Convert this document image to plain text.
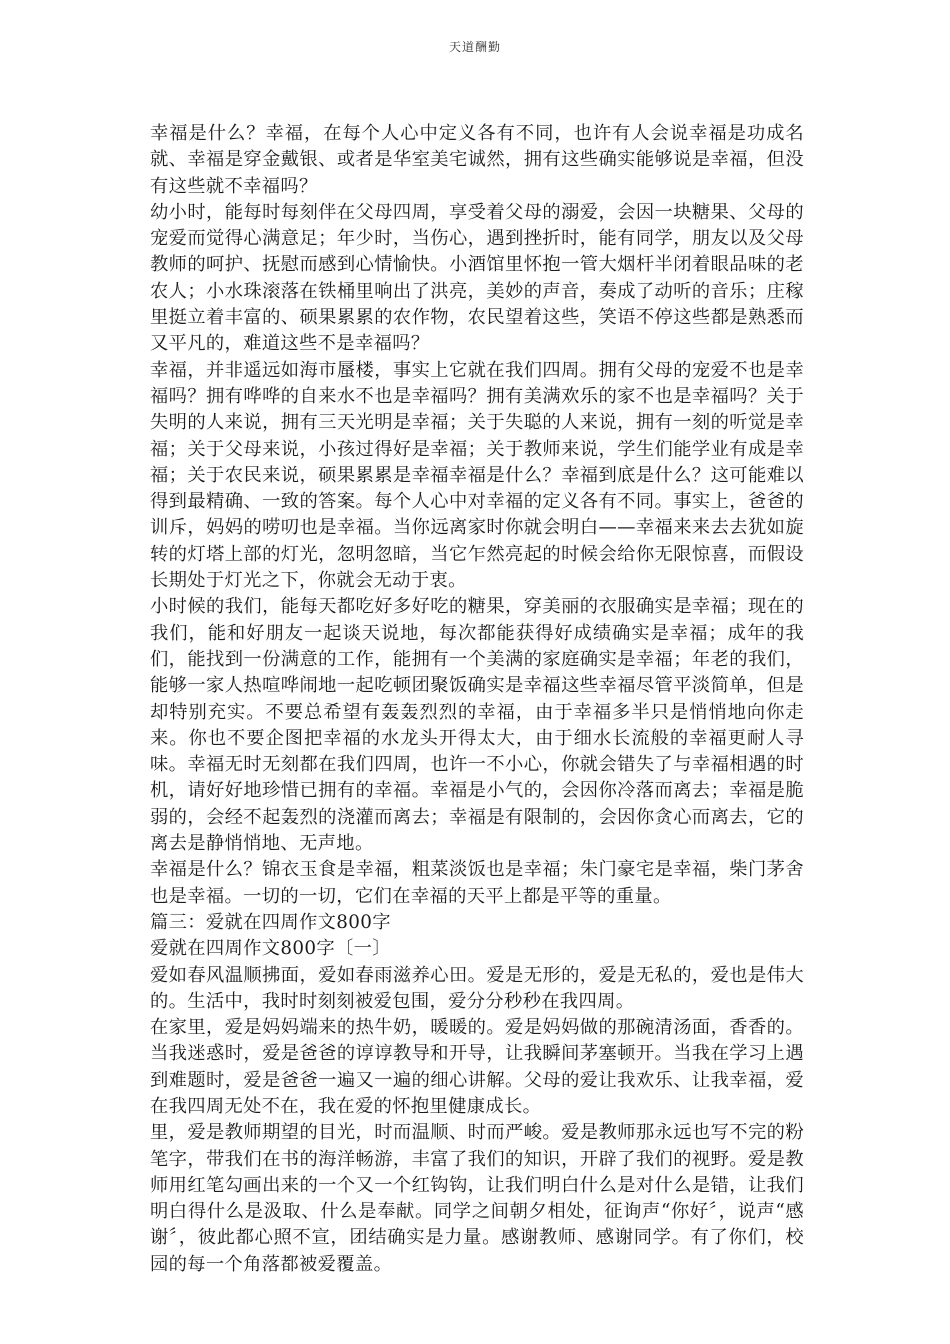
天道酬勤

幸福是什么？幸福，在每个人心中定义各有不同，也许有人会说幸福是功成名就、幸福是穿金戴银、或者是华室美宅诚然，拥有这些确实能够说是幸福，但没有这些就不幸福吗？

幼小时，能每时每刻伴在父母四周，享受着父母的溺爱，会因一块糖果、父母的宠爱而觉得心满意足；年少时，当伤心，遇到挫折时，能有同学，朋友以及父母教师的呵护、抚慰而感到心情愉快。小酒馆里怀抱一管大烟杆半闭着眼品味的老农人；小水珠滚落在铁桶里响出了洪亮，美妙的声音，奏成了动听的音乐；庄稼里挺立着丰富的、硕果累累的农作物，农民望着这些，笑语不停这些都是熟悉而又平凡的，难道这些不是幸福吗？

幸福，并非遥远如海市蜃楼，事实上它就在我们四周。拥有父母的宠爱不也是幸福吗？拥有哗哗的自来水不也是幸福吗？拥有美满欢乐的家不也是幸福吗？关于失明的人来说，拥有三天光明是幸福；关于失聪的人来说，拥有一刻的听觉是幸福；关于父母来说，小孩过得好是幸福；关于教师来说，学生们能学业有成是幸福；关于农民来说，硕果累累是幸福幸福是什么？幸福到底是什么？这可能难以得到最精确、一致的答案。每个人心中对幸福的定义各有不同。事实上，爸爸的训斥，妈妈的唠叨也是幸福。当你远离家时你就会明白——幸福来来去去犹如旋转的灯塔上部的灯光，忽明忽暗，当它乍然亮起的时候会给你无限惊喜，而假设长期处于灯光之下，你就会无动于衷。

小时候的我们，能每天都吃好多好吃的糖果，穿美丽的衣服确实是幸福；现在的我们，能和好朋友一起谈天说地，每次都能获得好成绩确实是幸福；成年的我们，能找到一份满意的工作，能拥有一个美满的家庭确实是幸福；年老的我们，能够一家人热喧哗闹地一起吃顿团聚饭确实是幸福这些幸福尽管平淡简单，但是却特别充实。不要总希望有轰轰烈烈的幸福，由于幸福多半只是悄悄地向你走来。你也不要企图把幸福的水龙头开得太大，由于细水长流般的幸福更耐人寻味。幸福无时无刻都在我们四周，也许一不小心，你就会错失了与幸福相遇的时机，请好好地珍惜已拥有的幸福。幸福是小气的，会因你冷落而离去；幸福是脆弱的，会经不起轰烈的浇灌而离去；幸福是有限制的，会因你贪心而离去，它的离去是静悄悄地、无声地。

幸福是什么？锦衣玉食是幸福，粗菜淡饭也是幸福；朱门豪宅是幸福，柴门茅舍也是幸福。一切的一切，它们在幸福的天平上都是平等的重量。

篇三：爱就在四周作文800字

爱就在四周作文800字〔一〕

爱如春风温顺拂面，爱如春雨滋养心田。爱是无形的，爱是无私的，爱也是伟大的。生活中，我时时刻刻被爱包围，爱分分秒秒在我四周。

在家里，爱是妈妈端来的热牛奶，暖暖的。爱是妈妈做的那碗清汤面，香香的。当我迷惑时，爱是爸爸的谆谆教导和开导，让我瞬间茅塞顿开。当我在学习上遇到难题时，爱是爸爸一遍又一遍的细心讲解。父母的爱让我欢乐、让我幸福，爱在我四周无处不在，我在爱的怀抱里健康成长。

里，爱是教师期望的目光，时而温顺、时而严峻。爱是教师那永远也写不完的粉笔字，带我们在书的海洋畅游，丰富了我们的知识，开辟了我们的视野。爱是教师用红笔勾画出来的一个又一个红钩钩，让我们明白什么是对什么是错，让我们明白得什么是汲取、什么是奉献。同学之间朝夕相处，征询声“你好〞，说声“感谢〞，彼此都心照不宣，团结确实是力量。感谢教师、感谢同学。有了你们，校园的每一个角落都被爱覆盖。
